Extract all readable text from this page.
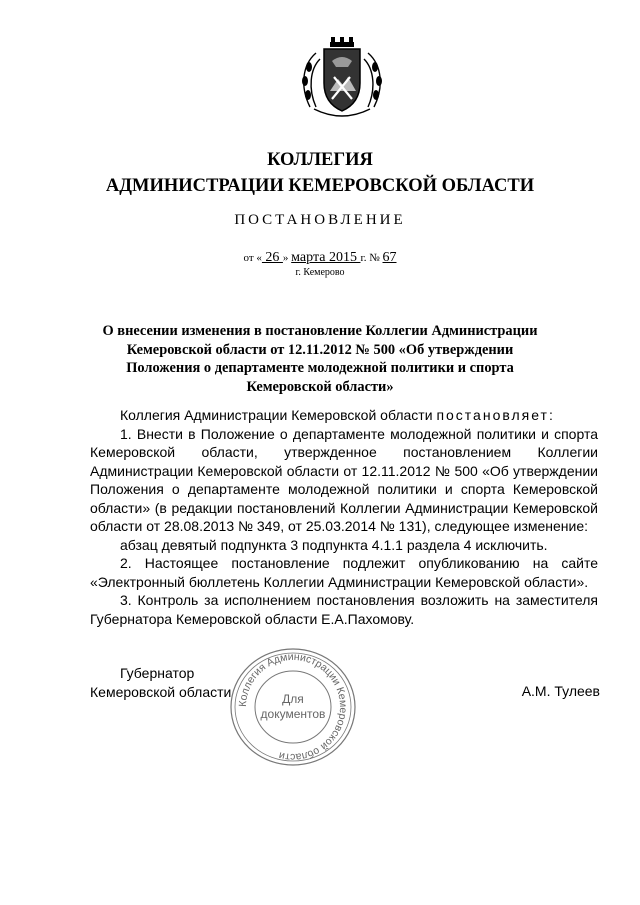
КОЛЛЕГИЯ
АДМИНИСТРАЦИИ КЕМЕРОВСКОЙ ОБЛАСТИ
ПОСТАНОВЛЕНИЕ
от « 26 » марта 2015 г. № 67
г. Кемерово
О внесении изменения в постановление Коллегии Администрации Кемеровской области от 12.11.2012 № 500 «Об утверждении Положения о департаменте молодежной политики и спорта Кемеровской области»

Коллегия Администрации Кемеровской области постановляет:

1. Внести в Положение о департаменте молодежной политики и спорта Кемеровской области, утвержденное постановлением Коллегии Администрации Кемеровской области от 12.11.2012 № 500 «Об утверждении Положения о департаменте молодежной политики и спорта Кемеровской области» (в редакции постановлений Коллегии Администрации Кемеровской области от 28.08.2013 № 349, от 25.03.2014 № 131), следующее изменение:

абзац девятый подпункта 3 подпункта 4.1.1 раздела 4 исключить.

2. Настоящее постановление подлежит опубликованию на сайте «Электронный бюллетень Коллегии Администрации Кемеровской области».

3. Контроль за исполнением постановления возложить на заместителя Губернатора Кемеровской области Е.А.Пахомову.

Губернатор
Кемеровской области	А.М. Тулеев
Коллегия Администрации Кемеровской области
Для
документов
